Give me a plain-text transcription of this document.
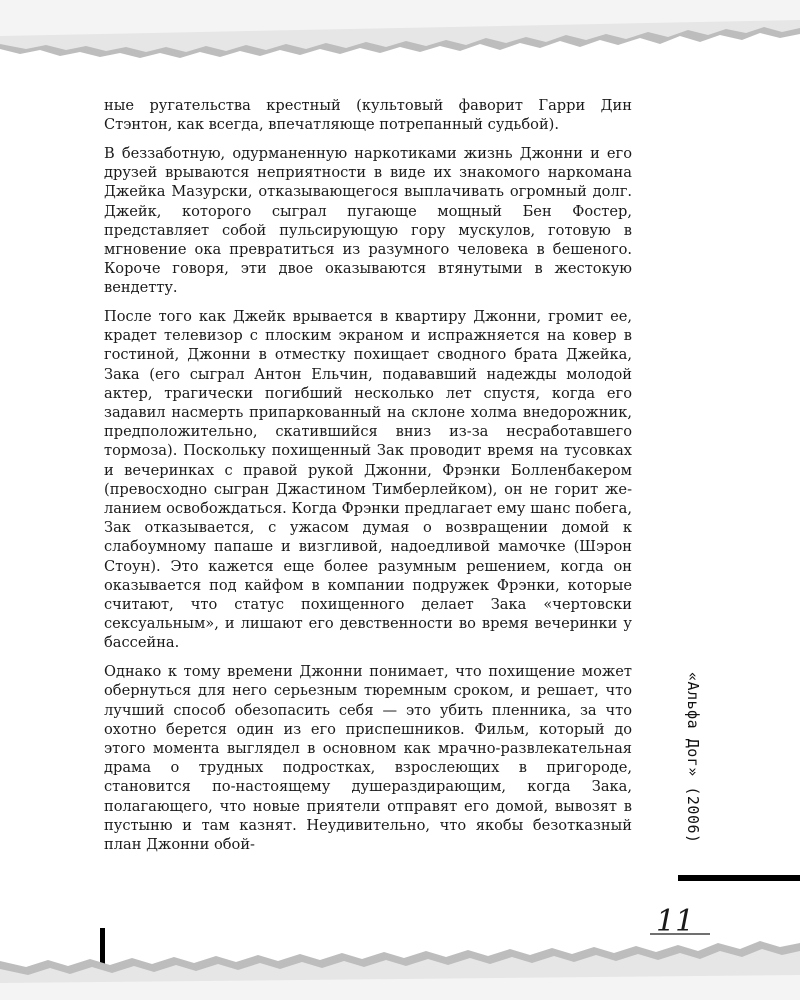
ные ругательства крестный (культовый фаворит Гарри Дин Стэнтон, как всегда, впечатляюще потрепанный судьбой).

В беззаботную, одурманенную наркотиками жизнь Джонни и его друзей врываются неприятности в виде их знакомого наркомана Джейка Мазурски, отказывающегося выплачивать огромный долг. Джейк, которого сыграл пугающе мощный Бен Фостер, представляет собой пульсирующую гору мускулов, готовую в мгновение ока превратиться из разумного человека в бешеного. Короче говоря, эти двое оказываются втянутыми в жестокую вендетту.

После того как Джейк врывается в квартиру Джонни, громит ее, крадет телевизор с плоским экраном и испражняется на ковер в гостиной, Джонни в отместку похищает сводного брата Джейка, Зака (его сыграл Антон Ельчин, подававший надежды молодой актер, трагически погибший несколько лет спустя, когда его задавил насмерть припаркованный на склоне холма внедорожник, предположительно, скатившийся вниз из-за несработавшего тормоза). Поскольку похищенный Зак проводит время на тусовках и вечеринках с правой рукой Джонни, Фрэнки Болленбакером (превосходно сыгран Джастином Тимберлейком), он не горит желанием освобождаться. Когда Фрэнки предлагает ему шанс побега, Зак отказывается, с ужасом думая о возвращении домой к слабоумному папаше и визгливой, надоедливой мамочке (Шэрон Стоун). Это кажется еще более разумным решением, когда он оказывается под кайфом в компании подружек Фрэнки, которые считают, что статус похищенного делает Зака «чертовски сексуальным», и лишают его девственности во время вечеринки у бассейна.

Однако к тому времени Джонни понимает, что похищение может обернуться для него серьезным тюремным сроком, и решает, что лучший способ обезопасить себя — это убить пленника, за что охотно берется один из его приспешников. Фильм, который до этого момента выглядел в основном как мрачно-развлекательная драма о трудных подростках, взрослеющих в пригороде, становится по-настоящему душераздирающим, когда Зака, полагающего, что новые приятели отправят его домой, вывозят в пустыню и там казнят. Неудивительно, что якобы безотказный план Джонни обой-

«Альфа Дог» (2006)
11
